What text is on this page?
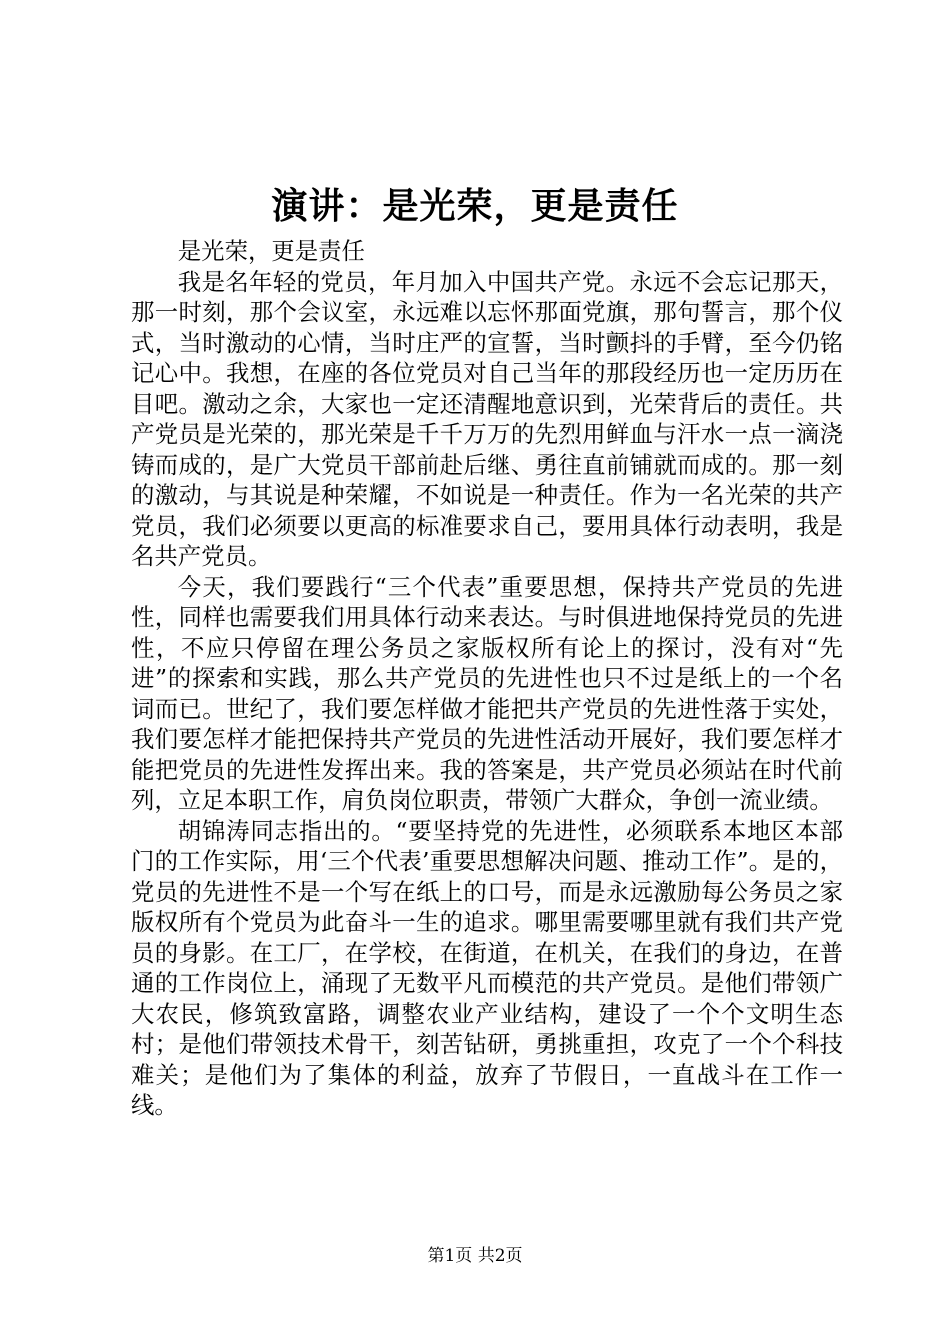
演讲：是光荣，更是责任

是光荣，更是责任

我是名年轻的党员，年月加入中国共产党。永远不会忘记那天，那一时刻，那个会议室，永远难以忘怀那面党旗，那句誓言，那个仪式，当时激动的心情，当时庄严的宣誓，当时颤抖的手臂，至今仍铭记心中。我想，在座的各位党员对自己当年的那段经历也一定历历在目吧。激动之余，大家也一定还清醒地意识到，光荣背后的责任。共产党员是光荣的，那光荣是千千万万的先烈用鲜血与汗水一点一滴浇铸而成的，是广大党员干部前赴后继、勇往直前铺就而成的。那一刻的激动，与其说是种荣耀，不如说是一种责任。作为一名光荣的共产党员，我们必须要以更高的标准要求自己，要用具体行动表明，我是名共产党员。

今天，我们要践行“三个代表”重要思想，保持共产党员的先进性，同样也需要我们用具体行动来表达。与时俱进地保持党员的先进性，不应只停留在理公务员之家版权所有论上的探讨，没有对“先进”的探索和实践，那么共产党员的先进性也只不过是纸上的一个名词而已。世纪了，我们要怎样做才能把共产党员的先进性落于实处，我们要怎样才能把保持共产党员的先进性活动开展好，我们要怎样才能把党员的先进性发挥出来。我的答案是，共产党员必须站在时代前列，立足本职工作，肩负岗位职责，带领广大群众，争创一流业绩。

胡锦涛同志指出的。“要坚持党的先进性，必须联系本地区本部门的工作实际，用‘三个代表’重要思想解决问题、推动工作”。是的，党员的先进性不是一个写在纸上的口号，而是永远激励每公务员之家版权所有个党员为此奋斗一生的追求。哪里需要哪里就有我们共产党员的身影。在工厂，在学校，在街道，在机关，在我们的身边，在普通的工作岗位上，涌现了无数平凡而模范的共产党员。是他们带领广大农民，修筑致富路，调整农业产业结构，建设了一个个文明生态村；是他们带领技术骨干，刻苦钻研，勇挑重担，攻克了一个个科技难关；是他们为了集体的利益，放弃了节假日，一直战斗在工作一线。

第1页 共2页
